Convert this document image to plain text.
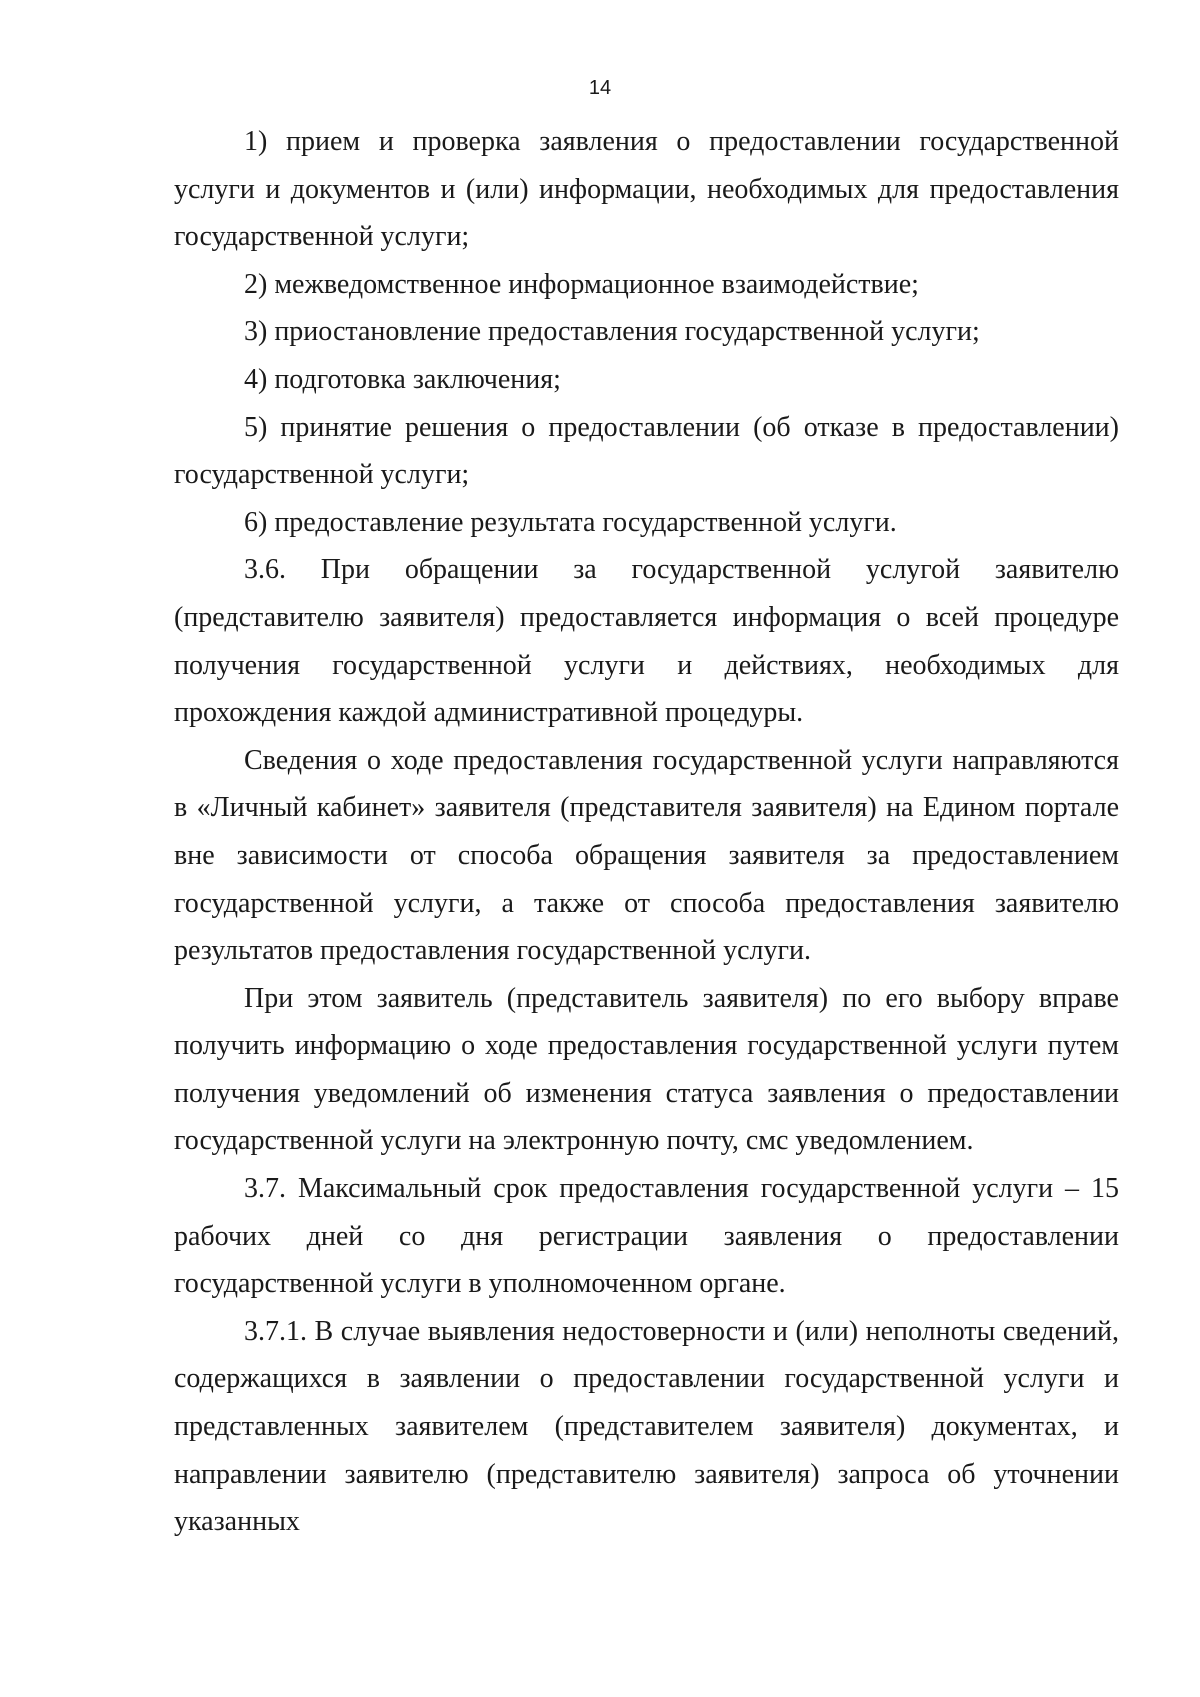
14

1) прием и проверка заявления о предоставлении государственной услуги и документов и (или) информации, необходимых для предоставления государственной услуги;

2) межведомственное информационное взаимодействие;

3) приостановление предоставления государственной услуги;

4) подготовка заключения;

5) принятие решения о предоставлении (об отказе в предоставлении) государственной услуги;

6) предоставление результата государственной услуги.

3.6. При обращении за государственной услугой заявителю (представителю заявителя) предоставляется информация о всей процедуре получения государственной услуги и действиях, необходимых для прохождения каждой административной процедуры.

Сведения о ходе предоставления государственной услуги направляются в «Личный кабинет» заявителя (представителя заявителя) на Едином портале вне зависимости от способа обращения заявителя за предоставлением государственной услуги, а также от способа предоставления заявителю результатов предоставления государственной услуги.

При этом заявитель (представитель заявителя) по его выбору вправе получить информацию о ходе предоставления государственной услуги путем получения уведомлений об изменения статуса заявления о предоставлении государственной услуги на электронную почту, смс уведомлением.

3.7. Максимальный срок предоставления государственной услуги – 15 рабочих дней со дня регистрации заявления о предоставлении государственной услуги в уполномоченном органе.

3.7.1. В случае выявления недостоверности и (или) неполноты сведений, содержащихся в заявлении о предоставлении государственной услуги и представленных заявителем (представителем заявителя) документах, и направлении заявителю (представителю заявителя) запроса об уточнении указанных
